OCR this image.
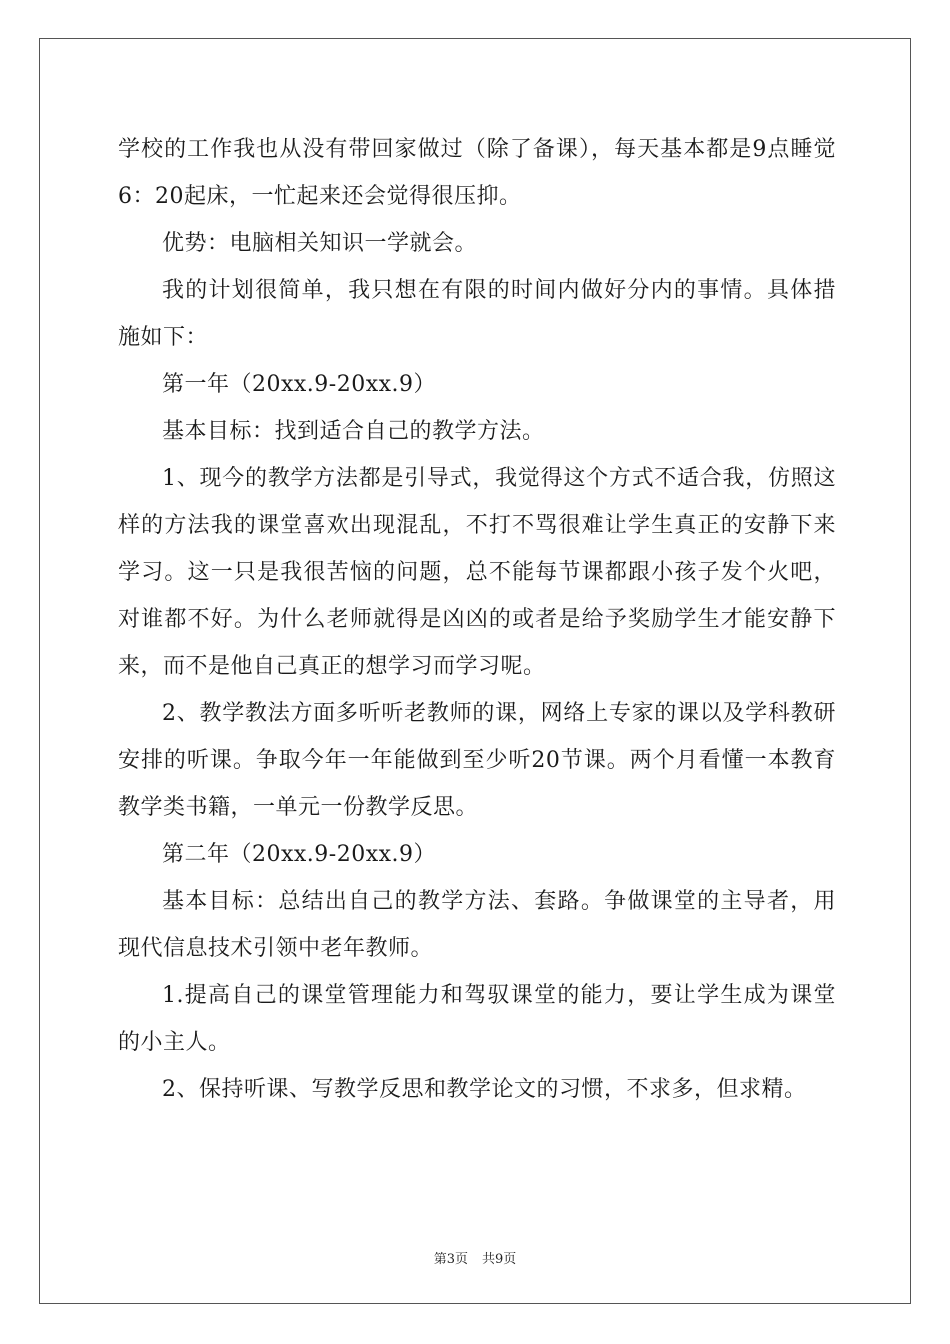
学校的工作我也从没有带回家做过（除了备课），每天基本都是9点睡觉6：20起床，一忙起来还会觉得很压抑。

优势：电脑相关知识一学就会。

我的计划很简单，我只想在有限的时间内做好分内的事情。具体措施如下：

第一年（20xx.9-20xx.9）

基本目标：找到适合自己的教学方法。

1、现今的教学方法都是引导式，我觉得这个方式不适合我，仿照这样的方法我的课堂喜欢出现混乱，不打不骂很难让学生真正的安静下来学习。这一只是我很苦恼的问题，总不能每节课都跟小孩子发个火吧，对谁都不好。为什么老师就得是凶凶的或者是给予奖励学生才能安静下来，而不是他自己真正的想学习而学习呢。

2、教学教法方面多听听老教师的课，网络上专家的课以及学科教研安排的听课。争取今年一年能做到至少听20节课。两个月看懂一本教育教学类书籍，一单元一份教学反思。

第二年（20xx.9-20xx.9）

基本目标：总结出自己的教学方法、套路。争做课堂的主导者，用现代信息技术引领中老年教师。

1.提高自己的课堂管理能力和驾驭课堂的能力，要让学生成为课堂的小主人。

2、保持听课、写教学反思和教学论文的习惯，不求多，但求精。

第3页 共9页
